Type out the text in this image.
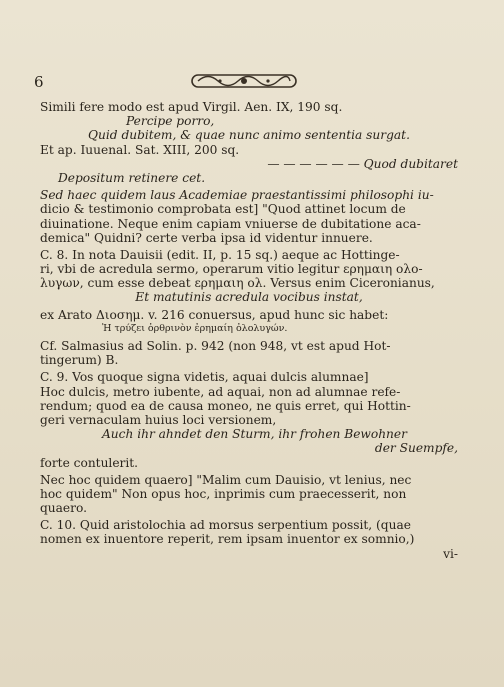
6
Simili fere modo est apud Virgil. Aen. IX, 190 sq.
Percipe porro,
Quid dubitem, & quae nunc animo sententia surgat.
Et ap. Iuuenal. Sat. XIII, 200 sq.
— — — — — — Quod dubitaret
Depositum retinere cet.
Sed haec quidem laus Academiae praestantissimi philosophi iu-
dicio & testimonio comprobata est] "Quod attinet locum de
diuinatione. Neque enim capiam vniuerse de dubitatione aca-
demica" Quidni? certe verba ipsa id videntur innuere.
C. 8. In nota Dauisii (edit. II, p. 15 sq.) aeque ac Hottinge-
ri, vbi de acredula sermo, operarum vitio legitur ερημαιη ολο-
λυγων, cum esse debeat ερημαιη ολ. Versus enim Ciceronianus,
Et matutinis acredula vocibus instat,
ex Arato Διοσημ. v. 216 conuersus, apud hunc sic habet:
Ἠ τρύζει ὀρθρινὸν ἐρημαίη ὀλολυγών.
Cf. Salmasius ad Solin. p. 942 (non 948, vt est apud Hot-
tingerum) B.
C. 9. Vos quoque signa videtis, aquai dulcis alumnae]
Hoc dulcis, metro iubente, ad aquai, non ad alumnae refe-
rendum; quod ea de causa moneo, ne quis erret, qui Hottin-
geri vernaculam huius loci versionem,
Auch ihr ahndet den Sturm, ihr frohen Bewohner
der Suempfe,
forte contulerit.
Nec hoc quidem quaero] "Malim cum Dauisio, vt lenius, nec
hoc quidem" Non opus hoc, inprimis cum praecesserit, non
quaero.
C. 10. Quid aristolochia ad morsus serpentium possit, (quae
nomen ex inuentore reperit, rem ipsam inuentor ex somnio,)
vi-
